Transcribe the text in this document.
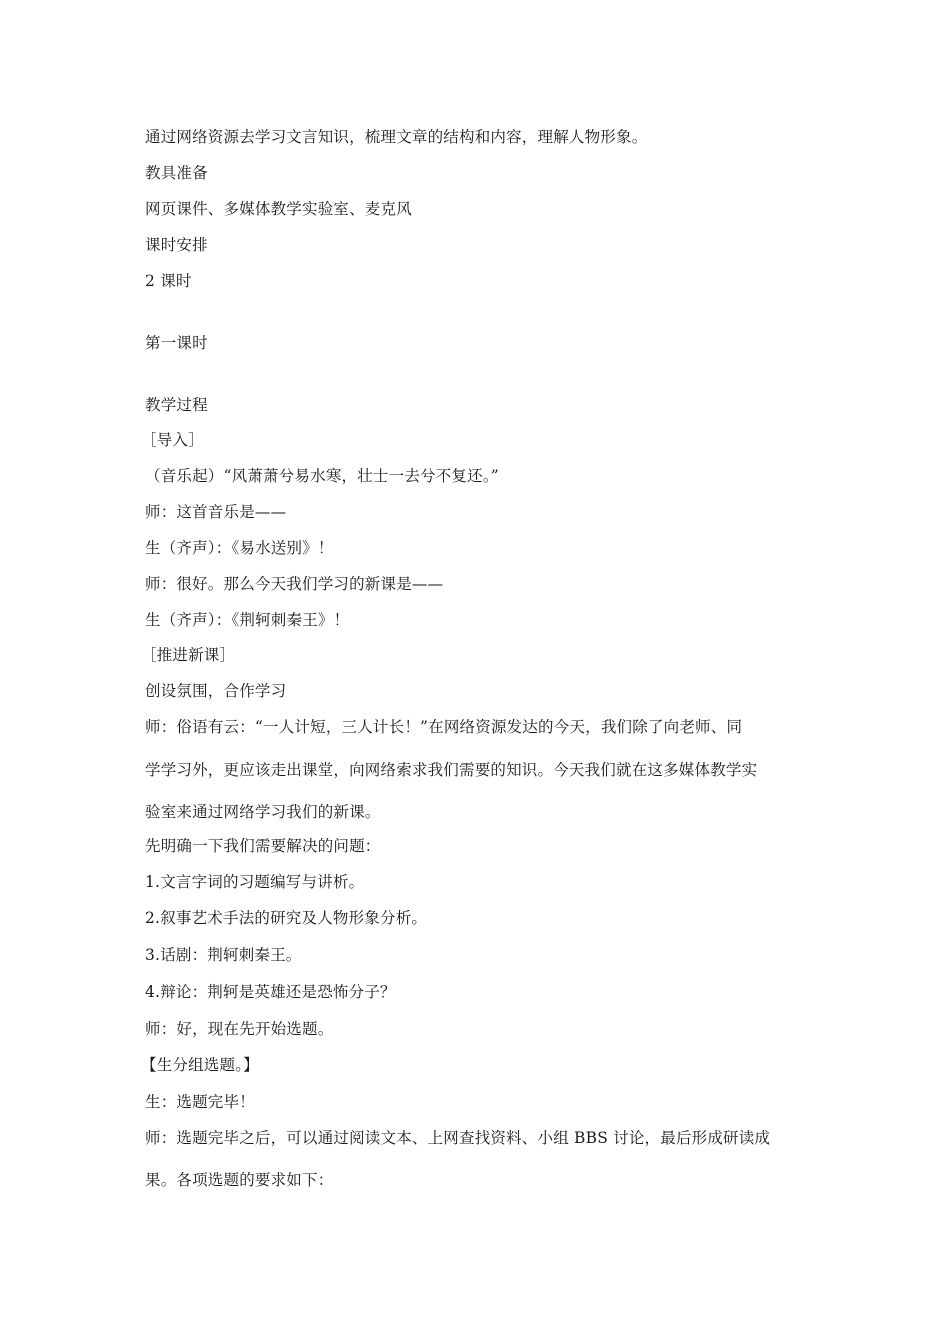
通过网络资源去学习文言知识，梳理文章的结构和内容，理解人物形象。
教具准备
网页课件、多媒体教学实验室、麦克风
课时安排
2 课时
第一课时
教学过程
［导入］
（音乐起）“风萧萧兮易水寒，壮士一去兮不复还。”
师：这首音乐是——
生（齐声）：《易水送别》！
师：很好。那么今天我们学习的新课是——
生（齐声）：《荆轲刺秦王》！
［推进新课］
创设氛围，合作学习
师：俗语有云：“一人计短，三人计长！”在网络资源发达的今天，我们除了向老师、同
学学习外，更应该走出课堂，向网络索求我们需要的知识。今天我们就在这多媒体教学实
验室来通过网络学习我们的新课。
先明确一下我们需要解决的问题：
1.文言字词的习题编写与讲析。
2.叙事艺术手法的研究及人物形象分析。
3.话剧：荆轲刺秦王。
4.辩论：荆轲是英雄还是恐怖分子？
师：好，现在先开始选题。
【生分组选题。】
生：选题完毕！
师：选题完毕之后，可以通过阅读文本、上网查找资料、小组 BBS 讨论，最后形成研读成
果。各项选题的要求如下：
